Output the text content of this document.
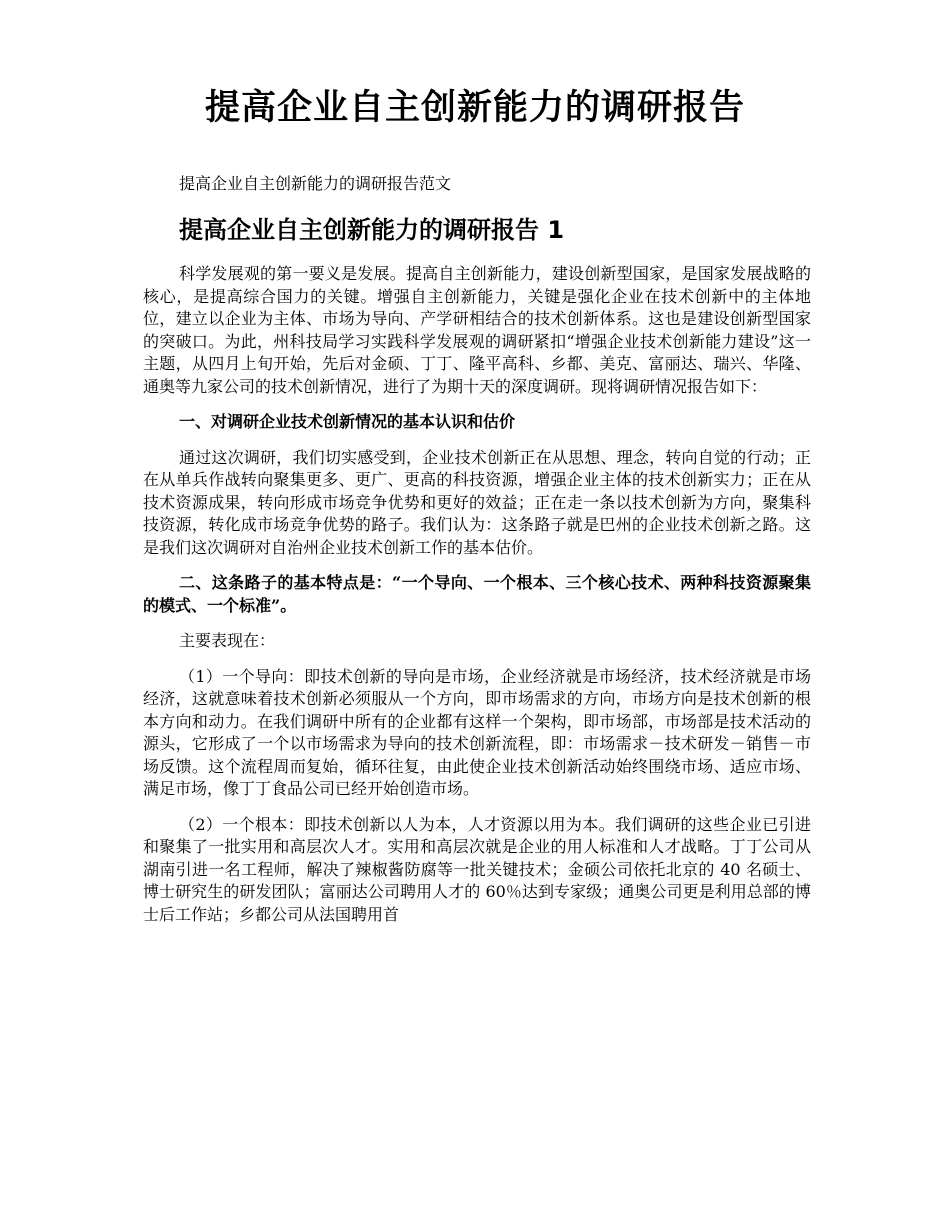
提高企业自主创新能力的调研报告
提高企业自主创新能力的调研报告范文
提高企业自主创新能力的调研报告 1

科学发展观的第一要义是发展。提高自主创新能力，建设创新型国家，是国家发展战略的核心，是提高综合国力的关键。增强自主创新能力，关键是强化企业在技术创新中的主体地位，建立以企业为主体、市场为导向、产学研相结合的技术创新体系。这也是建设创新型国家的突破口。为此，州科技局学习实践科学发展观的调研紧扣“增强企业技术创新能力建设”这一主题，从四月上旬开始，先后对金硕、丁丁、隆平高科、乡都、美克、富丽达、瑞兴、华隆、通奥等九家公司的技术创新情况，进行了为期十天的深度调研。现将调研情况报告如下：

一、对调研企业技术创新情况的基本认识和估价

通过这次调研，我们切实感受到，企业技术创新正在从思想、理念，转向自觉的行动；正在从单兵作战转向聚集更多、更广、更高的科技资源，增强企业主体的技术创新实力；正在从技术资源成果，转向形成市场竞争优势和更好的效益；正在走一条以技术创新为方向，聚集科技资源，转化成市场竞争优势的路子。我们认为：这条路子就是巴州的企业技术创新之路。这是我们这次调研对自治州企业技术创新工作的基本估价。

二、这条路子的基本特点是：“一个导向、一个根本、三个核心技术、两种科技资源聚集的模式、一个标准”。

主要表现在：

（1）一个导向：即技术创新的导向是市场，企业经济就是市场经济，技术经济就是市场经济，这就意味着技术创新必须服从一个方向，即市场需求的方向，市场方向是技术创新的根本方向和动力。在我们调研中所有的企业都有这样一个架构，即市场部，市场部是技术活动的源头，它形成了一个以市场需求为导向的技术创新流程，即：市场需求－技术研发－销售－市场反馈。这个流程周而复始，循环往复，由此使企业技术创新活动始终围绕市场、适应市场、满足市场，像丁丁食品公司已经开始创造市场。

（2）一个根本：即技术创新以人为本，人才资源以用为本。我们调研的这些企业已引进和聚集了一批实用和高层次人才。实用和高层次就是企业的用人标准和人才战略。丁丁公司从湖南引进一名工程师，解决了辣椒酱防腐等一批关键技术；金硕公司依托北京的 40 名硕士、博士研究生的研发团队；富丽达公司聘用人才的 60％达到专家级；通奥公司更是利用总部的博士后工作站；乡都公司从法国聘用首
